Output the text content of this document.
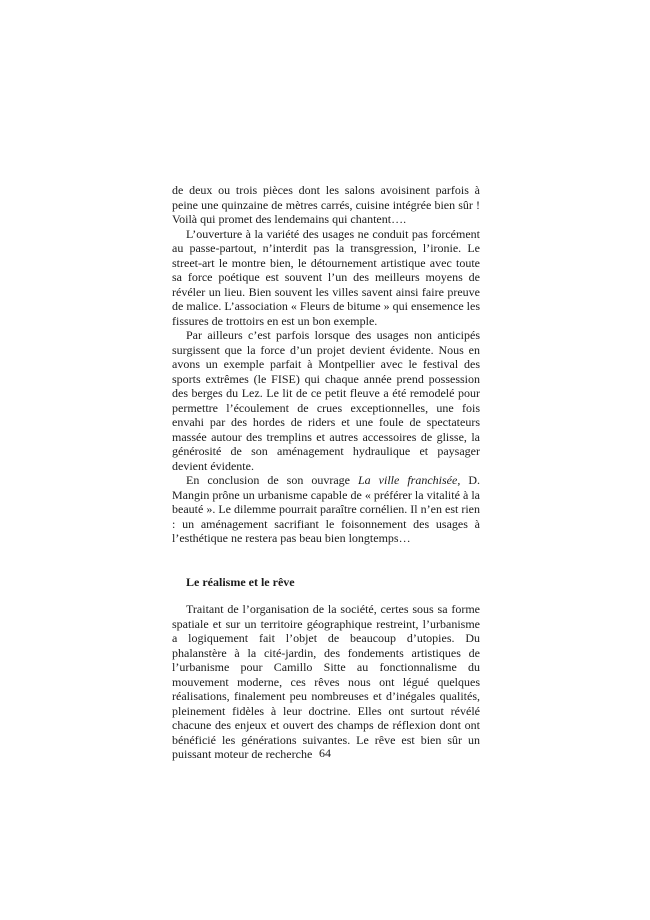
de deux ou trois pièces dont les salons avoisinent parfois à peine une quinzaine de mètres carrés, cuisine intégrée bien sûr ! Voilà qui promet des lendemains qui chantent….

L’ouverture à la variété des usages ne conduit pas forcément au passe-partout, n’interdit pas la transgression, l’ironie. Le street-art le montre bien, le détournement artistique avec toute sa force poétique est souvent l’un des meilleurs moyens de révéler un lieu. Bien souvent les villes savent ainsi faire preuve de malice. L’association « Fleurs de bitume » qui ensemence les fissures de trottoirs en est un bon exemple.

Par ailleurs c’est parfois lorsque des usages non anticipés surgissent que la force d’un projet devient évidente. Nous en avons un exemple parfait à Montpellier avec le festival des sports extrêmes (le FISE) qui chaque année prend possession des berges du Lez. Le lit de ce petit fleuve a été remodelé pour permettre l’écoulement de crues exceptionnelles, une fois envahi par des hordes de riders et une foule de spectateurs massée autour des tremplins et autres accessoires de glisse, la générosité de son aménagement hydraulique et paysager devient évidente.

En conclusion de son ouvrage La ville franchisée, D. Mangin prône un urbanisme capable de « préférer la vitalité à la beauté ». Le dilemme pourrait paraître cornélien. Il n’en est rien : un aménagement sacrifiant le foisonnement des usages à l’esthétique ne restera pas beau bien longtemps…

Le réalisme et le rêve

Traitant de l’organisation de la société, certes sous sa forme spatiale et sur un territoire géographique restreint, l’urbanisme a logiquement fait l’objet de beaucoup d’utopies. Du phalanstère à la cité-jardin, des fondements artistiques de l’urbanisme pour Camillo Sitte au fonctionnalisme du mouvement moderne, ces rêves nous ont légué quelques réalisations, finalement peu nombreuses et d’inégales qualités, pleinement fidèles à leur doctrine. Elles ont surtout révélé chacune des enjeux et ouvert des champs de réflexion dont ont bénéficié les générations suivantes. Le rêve est bien sûr un puissant moteur de recherche 64
